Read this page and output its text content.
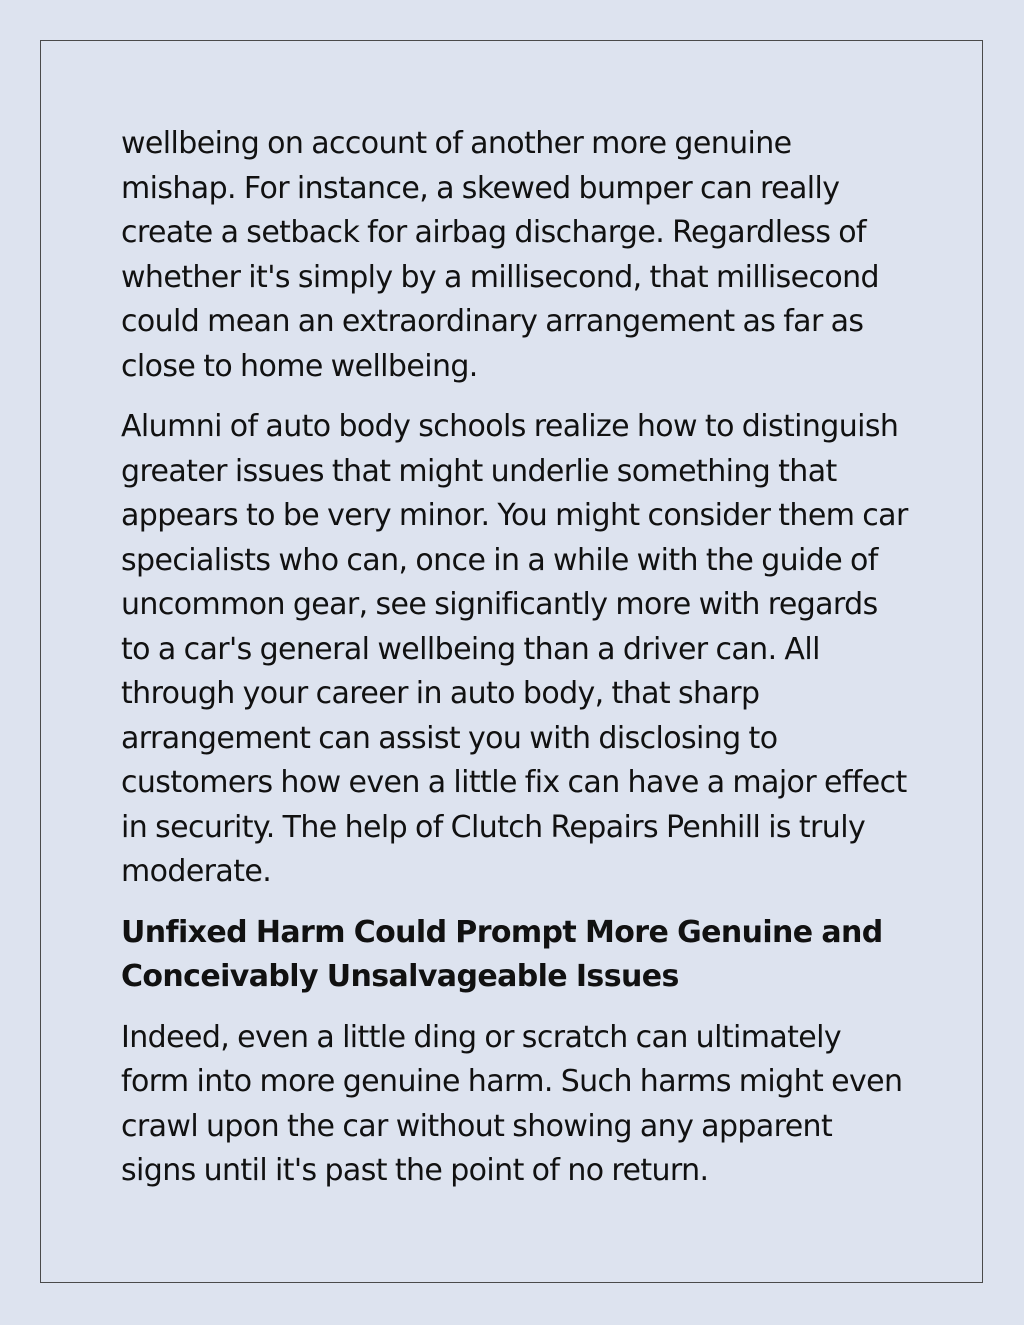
wellbeing on account of another more genuine mishap. For instance, a skewed bumper can really create a setback for airbag discharge. Regardless of whether it's simply by a millisecond, that millisecond could mean an extraordinary arrangement as far as close to home wellbeing.

Alumni of auto body schools realize how to distinguish greater issues that might underlie something that appears to be very minor. You might consider them car specialists who can, once in a while with the guide of uncommon gear, see significantly more with regards to a car's general wellbeing than a driver can. All through your career in auto body, that sharp arrangement can assist you with disclosing to customers how even a little fix can have a major effect in security. The help of Clutch Repairs Penhill is truly moderate.

Unfixed Harm Could Prompt More Genuine and Conceivably Unsalvageable Issues

Indeed, even a little ding or scratch can ultimately form into more genuine harm. Such harms might even crawl upon the car without showing any apparent signs until it's past the point of no return.
